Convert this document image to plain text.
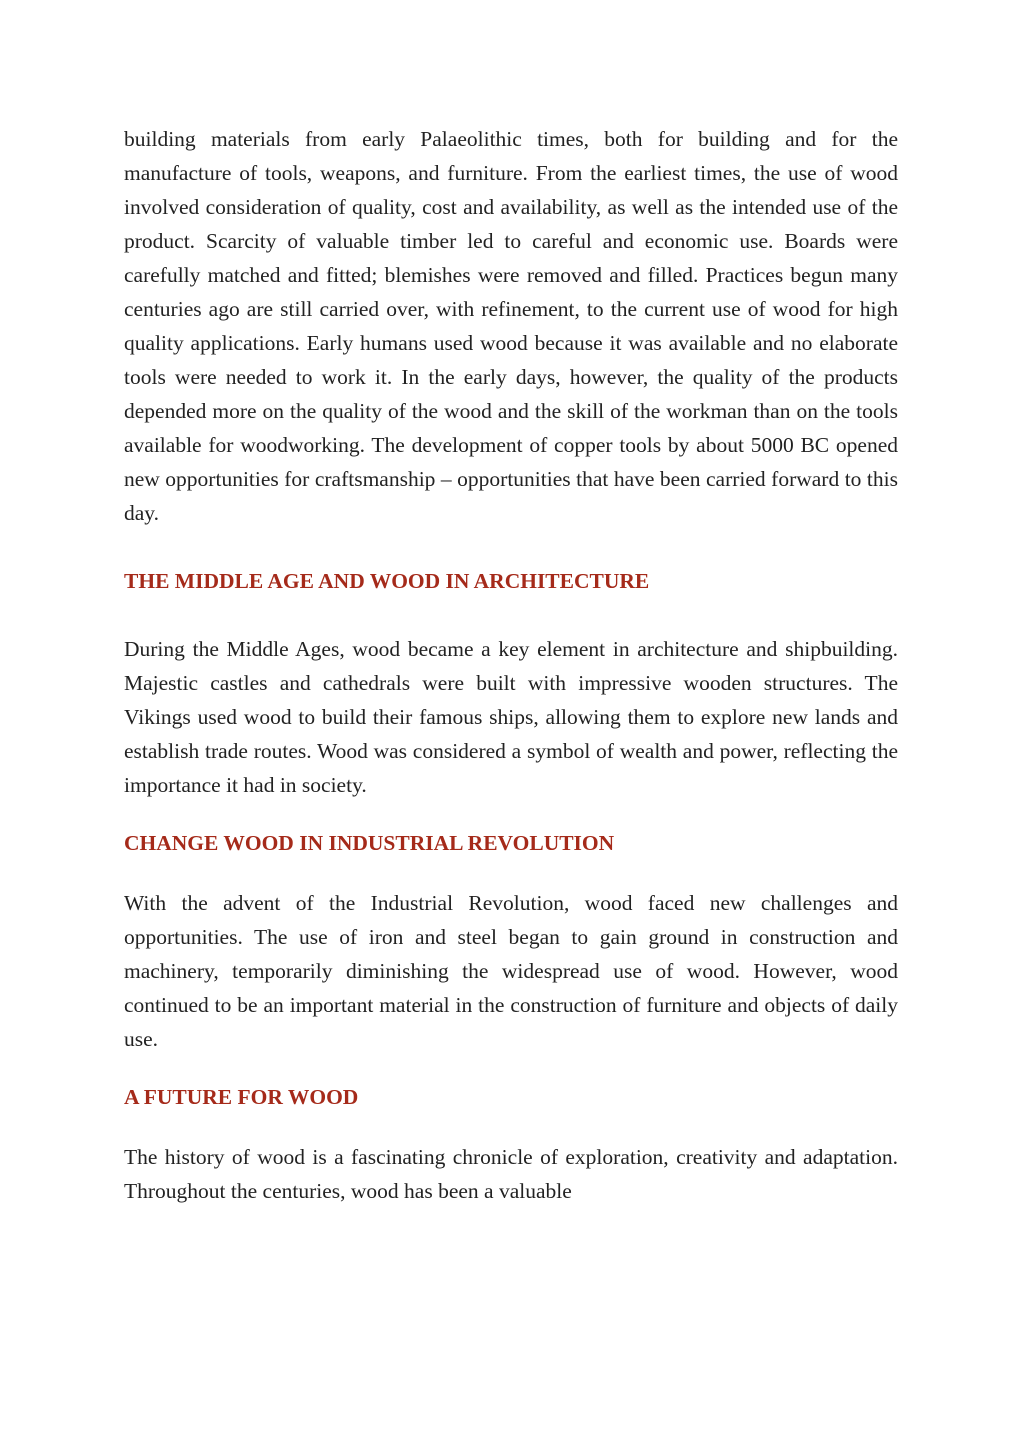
building materials from early Palaeolithic times, both for building and for the manufacture of tools, weapons, and furniture. From the earliest times, the use of wood involved consideration of quality, cost and availability, as well as the intended use of the product. Scarcity of valuable timber led to careful and economic use. Boards were carefully matched and fitted; blemishes were removed and filled. Practices begun many centuries ago are still carried over, with refinement, to the current use of wood for high quality applications. Early humans used wood because it was available and no elaborate tools were needed to work it. In the early days, however, the quality of the products depended more on the quality of the wood and the skill of the workman than on the tools available for woodworking. The development of copper tools by about 5000 BC opened new opportunities for craftsmanship – opportunities that have been carried forward to this day.

THE MIDDLE AGE AND WOOD IN ARCHITECTURE

During the Middle Ages, wood became a key element in architecture and shipbuilding. Majestic castles and cathedrals were built with impressive wooden structures. The Vikings used wood to build their famous ships, allowing them to explore new lands and establish trade routes. Wood was considered a symbol of wealth and power, reflecting the importance it had in society.

CHANGE WOOD IN INDUSTRIAL REVOLUTION

With the advent of the Industrial Revolution, wood faced new challenges and opportunities. The use of iron and steel began to gain ground in construction and machinery, temporarily diminishing the widespread use of wood. However, wood continued to be an important material in the construction of furniture and objects of daily use.

A FUTURE FOR WOOD

The history of wood is a fascinating chronicle of exploration, creativity and adaptation. Throughout the centuries, wood has been a valuable
